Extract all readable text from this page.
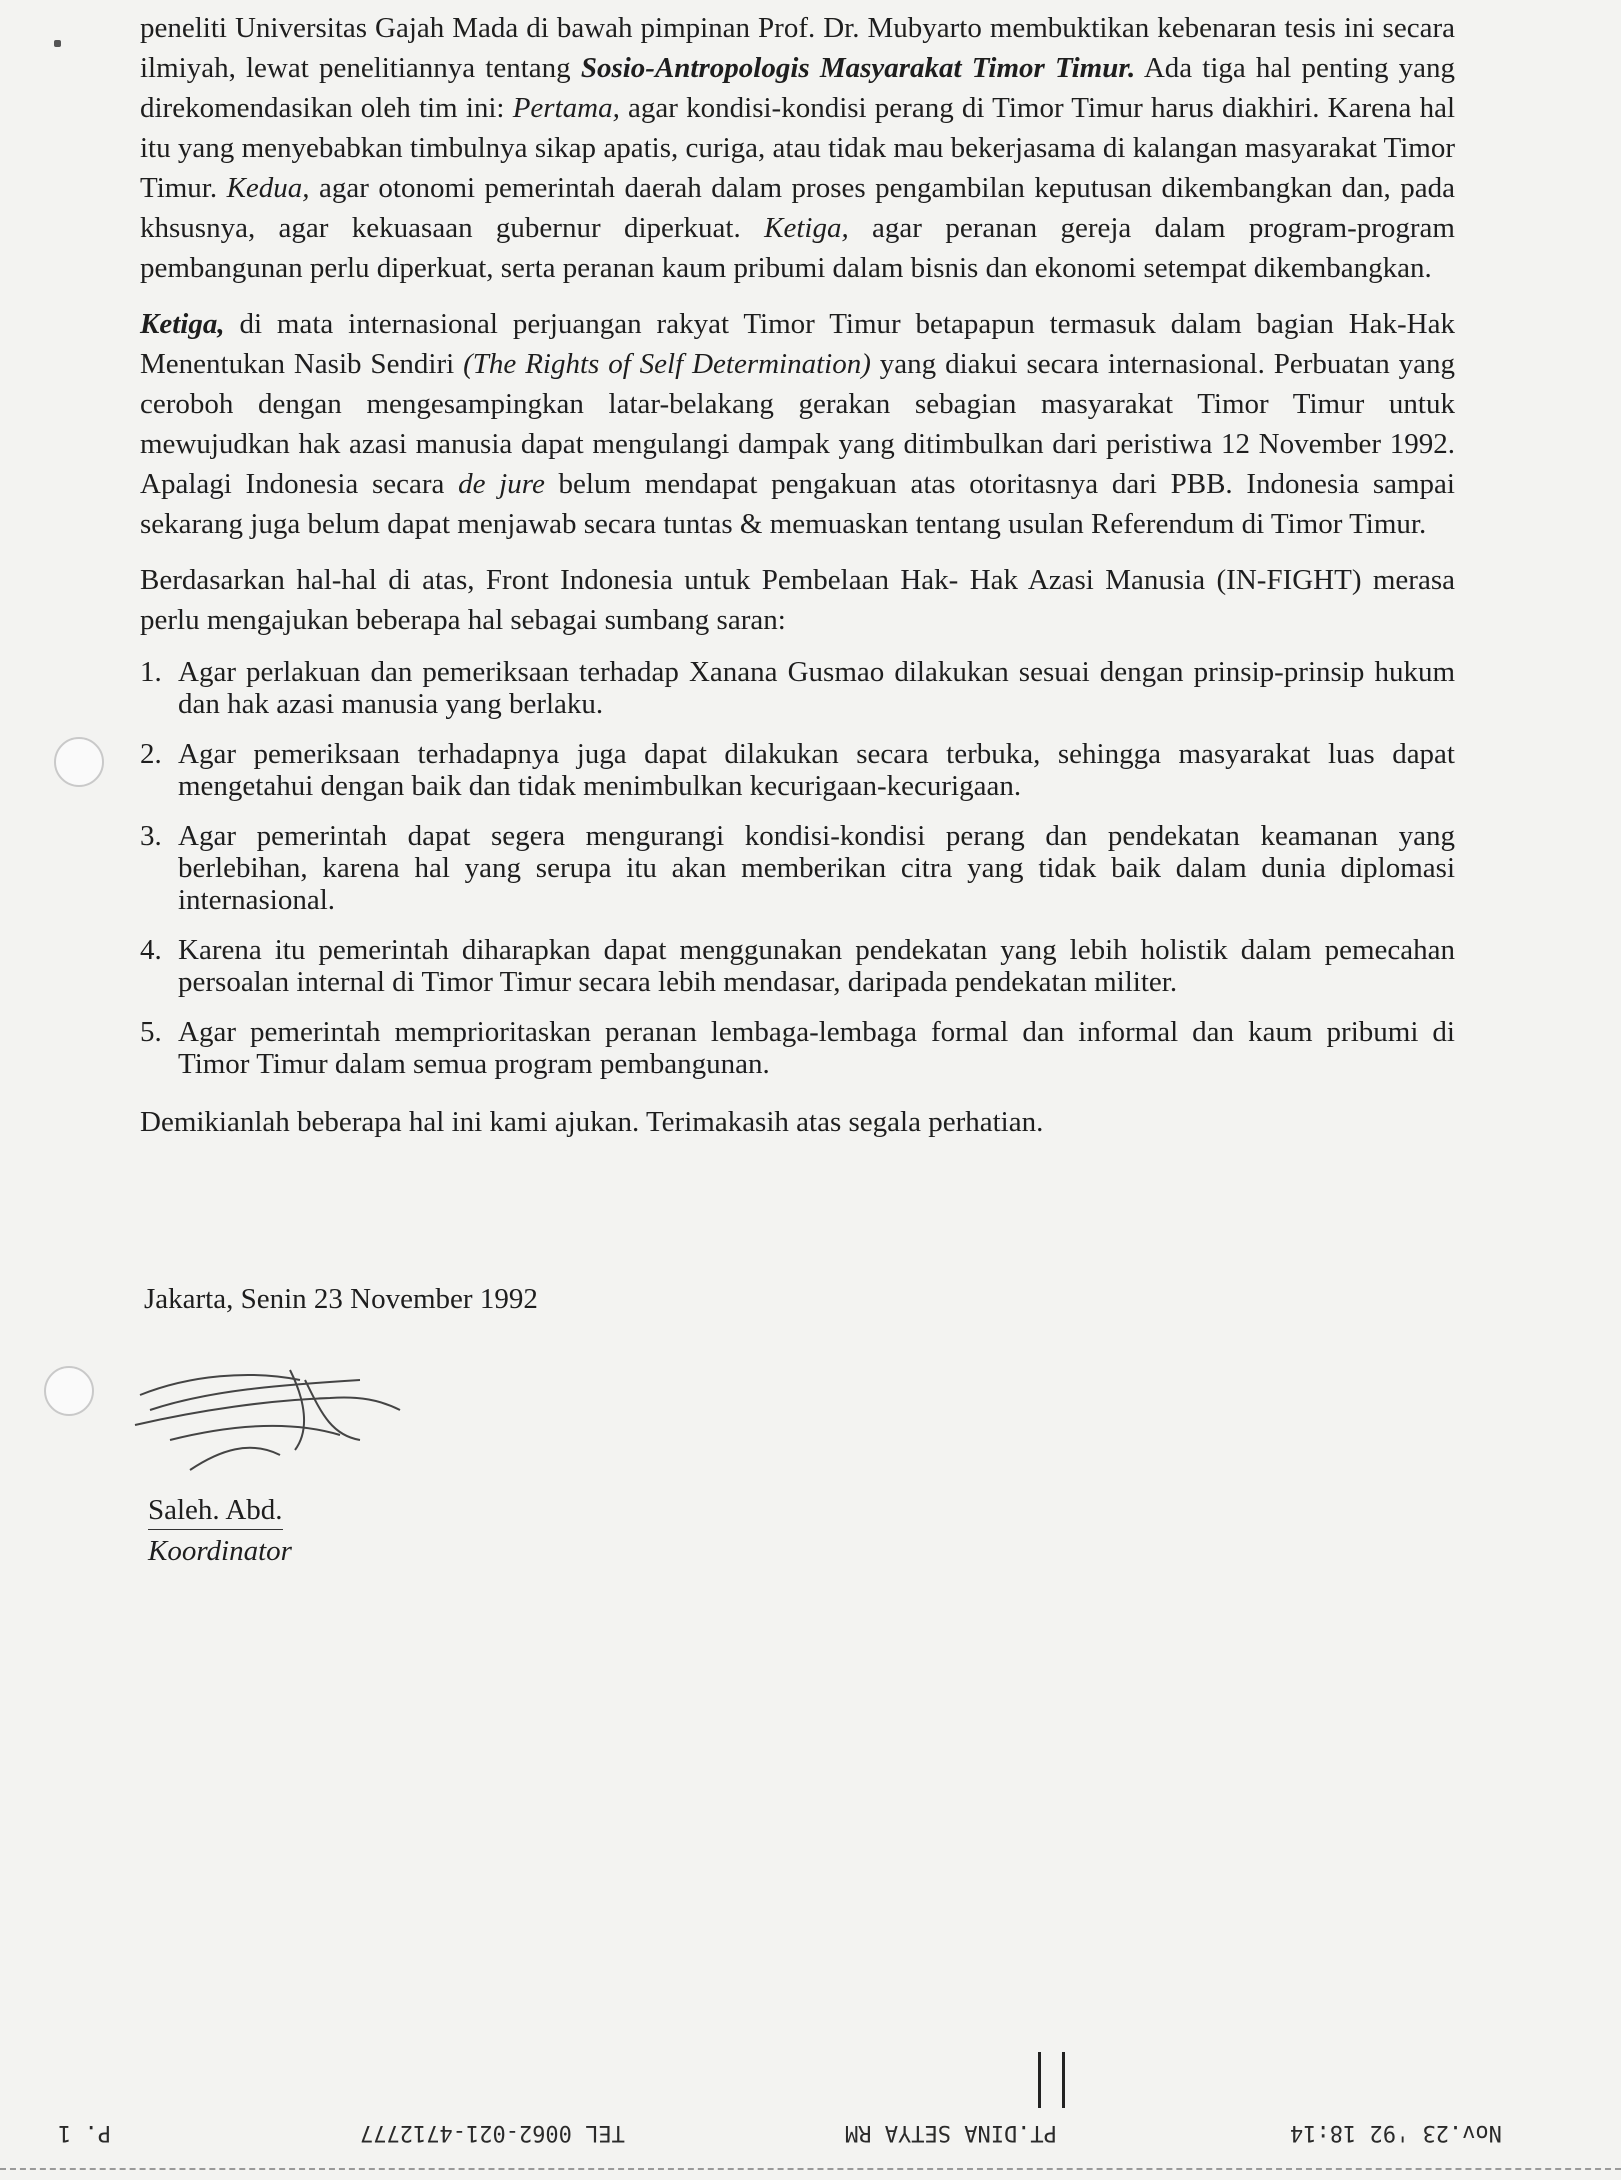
peneliti Universitas Gajah Mada di bawah pimpinan Prof. Dr. Mubyarto membuktikan kebenaran tesis ini secara ilmiyah, lewat penelitiannya tentang Sosio-Antropologis Masyarakat Timor Timur. Ada tiga hal penting yang direkomendasikan oleh tim ini: Pertama, agar kondisi-kondisi perang di Timor Timur harus diakhiri. Karena hal itu yang menyebabkan timbulnya sikap apatis, curiga, atau tidak mau bekerjasama di kalangan masyarakat Timor Timur. Kedua, agar otonomi pemerintah daerah dalam proses pengambilan keputusan dikembangkan dan, pada khsusnya, agar kekuasaan gubernur diperkuat. Ketiga, agar peranan gereja dalam program-program pembangunan perlu diperkuat, serta peranan kaum pribumi dalam bisnis dan ekonomi setempat dikembangkan.

Ketiga, di mata internasional perjuangan rakyat Timor Timur betapapun termasuk dalam bagian Hak-Hak Menentukan Nasib Sendiri (The Rights of Self Determination) yang diakui secara internasional. Perbuatan yang ceroboh dengan mengesampingkan latar-belakang gerakan sebagian masyarakat Timor Timur untuk mewujudkan hak azasi manusia dapat mengulangi dampak yang ditimbulkan dari peristiwa 12 November 1992. Apalagi Indonesia secara de jure belum mendapat pengakuan atas otoritasnya dari PBB. Indonesia sampai sekarang juga belum dapat menjawab secara tuntas & memuaskan tentang usulan Referendum di Timor Timur.

Berdasarkan hal-hal di atas, Front Indonesia untuk Pembelaan Hak- Hak Azasi Manusia (IN-FIGHT) merasa perlu mengajukan beberapa hal sebagai sumbang saran:

1. Agar perlakuan dan pemeriksaan terhadap Xanana Gusmao dilakukan sesuai dengan prinsip-prinsip hukum dan hak azasi manusia yang berlaku.
2. Agar pemeriksaan terhadapnya juga dapat dilakukan secara terbuka, sehingga masyarakat luas dapat mengetahui dengan baik dan tidak menimbulkan kecurigaan-kecurigaan.
3. Agar pemerintah dapat segera mengurangi kondisi-kondisi perang dan pendekatan keamanan yang berlebihan, karena hal yang serupa itu akan memberikan citra yang tidak baik dalam dunia diplomasi internasional.
4. Karena itu pemerintah diharapkan dapat menggunakan pendekatan yang lebih holistik dalam pemecahan persoalan internal di Timor Timur secara lebih mendasar, daripada pendekatan militer.
5. Agar pemerintah memprioritaskan peranan lembaga-lembaga formal dan informal dan kaum pribumi di Timor Timur dalam semua program pembangunan.

Demikianlah beberapa hal ini kami ajukan. Terimakasih atas segala perhatian.

Jakarta, Senin 23 November 1992
Saleh. Abd.
Koordinator
P. 1	TEL 0062-021-4712777	PT.DINA SETYA RM	Nov.23 '92 18:14
